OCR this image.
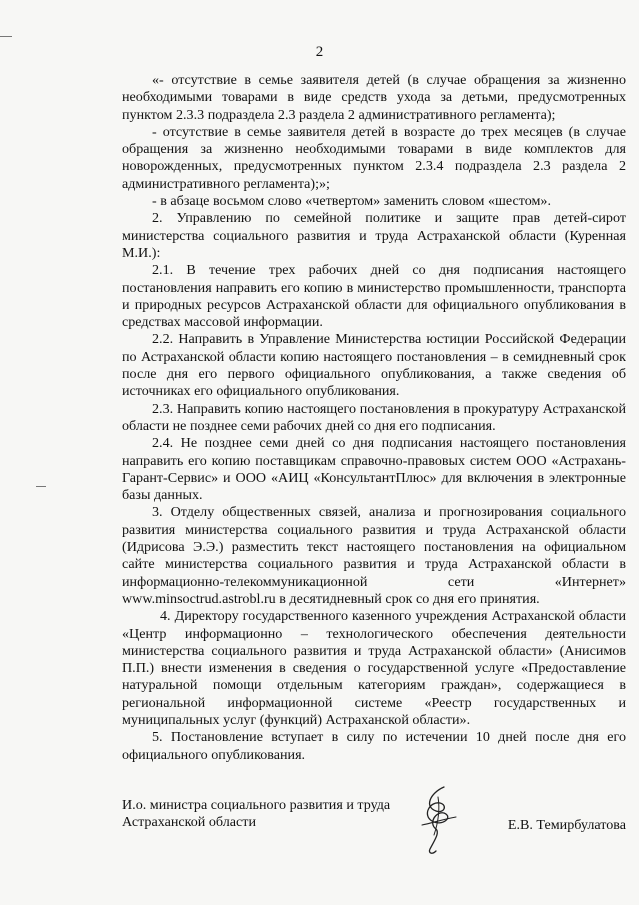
2

«- отсутствие в семье заявителя детей (в случае обращения за жизненно необходимыми товарами в виде средств ухода за детьми, предусмотренных пунктом 2.3.3 подраздела 2.3 раздела 2 административного регламента);

- отсутствие в семье заявителя детей в возрасте до трех месяцев (в случае обращения за жизненно необходимыми товарами в виде комплектов для новорожденных, предусмотренных пунктом 2.3.4 подраздела 2.3 раздела 2 административного регламента);»;

- в абзаце восьмом слово «четвертом» заменить словом «шестом».

2. Управлению по семейной политике и защите прав детей-сирот министерства социального развития и труда Астраханской области (Куренная М.И.):

2.1. В течение трех рабочих дней со дня подписания настоящего постановления направить его копию в министерство промышленности, транспорта и природных ресурсов Астраханской области для официального опубликования в средствах массовой информации.

2.2. Направить в Управление Министерства юстиции Российской Федерации по Астраханской области копию настоящего постановления – в семидневный срок после дня его первого официального опубликования, а также сведения об источниках его официального опубликования.

2.3. Направить копию настоящего постановления в прокуратуру Астраханской области не позднее семи рабочих дней со дня его подписания.

2.4. Не позднее семи дней со дня подписания настоящего постановления направить его копию поставщикам справочно-правовых систем ООО «Астрахань-Гарант-Сервис» и ООО «АИЦ «КонсультантПлюс» для включения в электронные базы данных.

3. Отделу общественных связей, анализа и прогнозирования социального развития министерства социального развития и труда Астраханской области (Идрисова Э.Э.) разместить текст настоящего постановления на официальном сайте министерства социального развития и труда Астраханской области в информационно-телекоммуникационной сети «Интернет» www.minsoctrud.astrobl.ru в десятидневный срок со дня его принятия.

4. Директору государственного казенного учреждения Астраханской области «Центр информационно – технологического обеспечения деятельности министерства социального развития и труда Астраханской области» (Анисимов П.П.) внести изменения в сведения о государственной услуге «Предоставление натуральной помощи отдельным категориям граждан», содержащиеся в региональной информационной системе «Реестр государственных и муниципальных услуг (функций) Астраханской области».

5. Постановление вступает в силу по истечении 10 дней после дня его официального опубликования.

И.о. министра социального развития и труда
Астраханской области	Е.В. Темирбулатова
